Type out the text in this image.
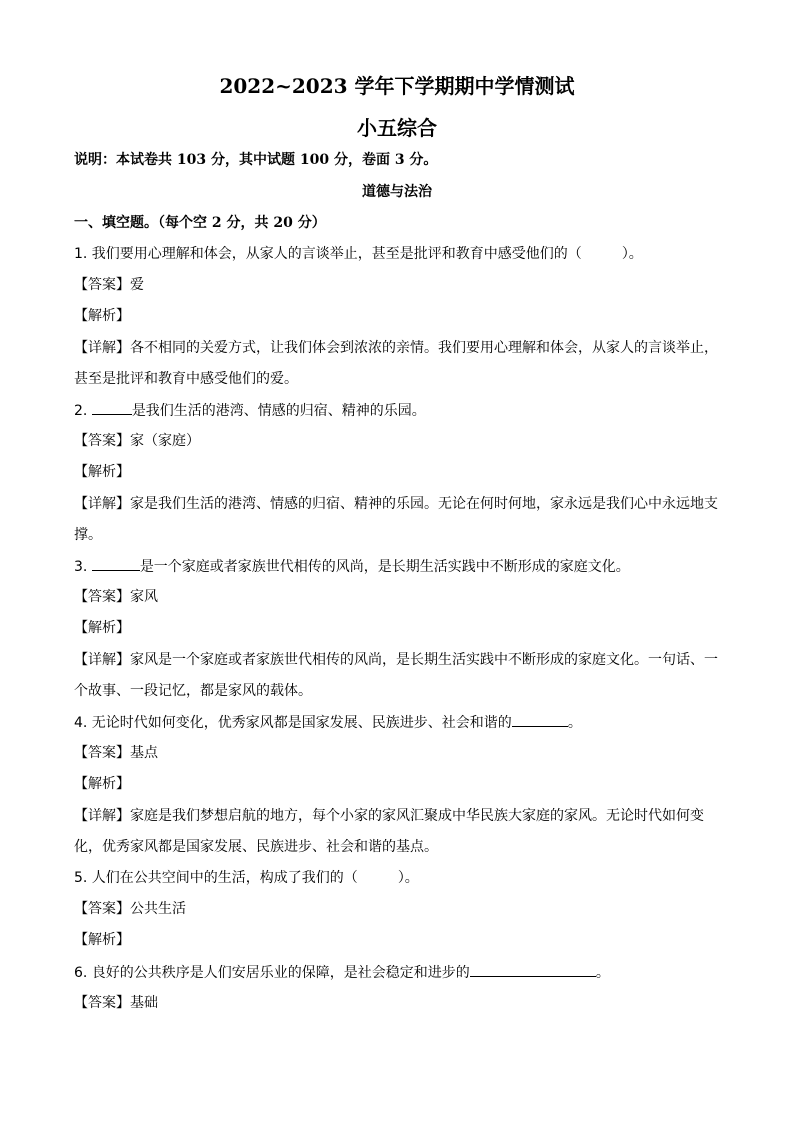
2022~2023 学年下学期期中学情测试
小五综合
说明：本试卷共 103 分，其中试题 100 分，卷面 3 分。
道德与法治
一、填空题。（每个空 2 分，共 20 分）
1. 我们要用心理解和体会，从家人的言谈举止，甚至是批评和教育中感受他们的（	）。
【答案】爱
【解析】
【详解】各不相同的关爱方式，让我们体会到浓浓的亲情。我们要用心理解和体会，从家人的言谈举止，
甚至是批评和教育中感受他们的爱。
2.	是我们生活的港湾、情感的归宿、精神的乐园。
【答案】家（家庭）
【解析】
【详解】家是我们生活的港湾、情感的归宿、精神的乐园。无论在何时何地，家永远是我们心中永远地支
撑。
3.	是一个家庭或者家族世代相传的风尚，是长期生活实践中不断形成的家庭文化。
【答案】家风
【解析】
【详解】家风是一个家庭或者家族世代相传的风尚，是长期生活实践中不断形成的家庭文化。一句话、一
个故事、一段记忆，都是家风的载体。
4. 无论时代如何变化，优秀家风都是国家发展、民族进步、社会和谐的	。
【答案】基点
【解析】
【详解】家庭是我们梦想启航的地方，每个小家的家风汇聚成中华民族大家庭的家风。无论时代如何变
化，优秀家风都是国家发展、民族进步、社会和谐的基点。
5. 人们在公共空间中的生活，构成了我们的（	）。
【答案】公共生活
【解析】
6. 良好的公共秩序是人们安居乐业的保障，是社会稳定和进步的	。
【答案】基础
